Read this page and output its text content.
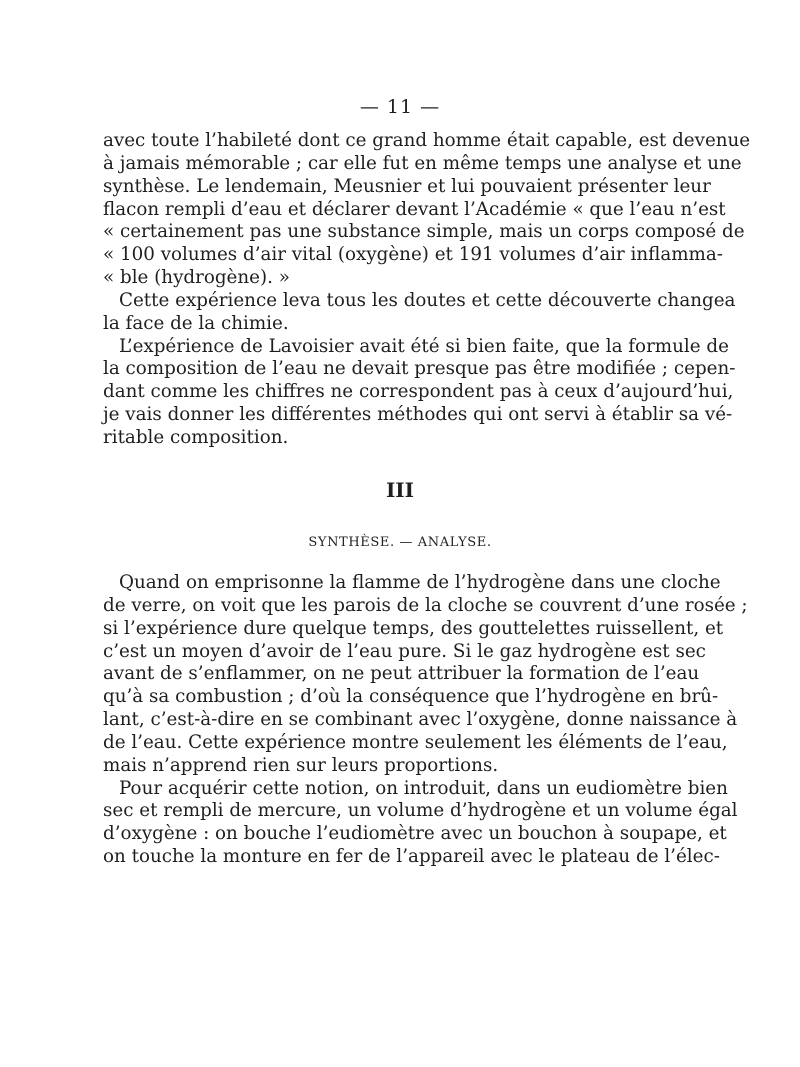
— 11 —
avec toute l’habileté dont ce grand homme était capable, est devenue
à jamais mémorable ; car elle fut en même temps une analyse et une
synthèse. Le lendemain, Meusnier et lui pouvaient présenter leur
flacon rempli d’eau et déclarer devant l’Académie « que l’eau n’est
« certainement pas une substance simple, mais un corps composé de
« 100 volumes d’air vital (oxygène) et 191 volumes d’air inflamma-
« ble (hydrogène). »
Cette expérience leva tous les doutes et cette découverte changea
la face de la chimie.
L’expérience de Lavoisier avait été si bien faite, que la formule de
la composition de l’eau ne devait presque pas être modifiée ; cepen-
dant comme les chiffres ne correspondent pas à ceux d’aujourd’hui,
je vais donner les différentes méthodes qui ont servi à établir sa vé-
ritable composition.
III
SYNTHÈSE. — ANALYSE.
Quand on emprisonne la flamme de l’hydrogène dans une cloche
de verre, on voit que les parois de la cloche se couvrent d’une rosée ;
si l’expérience dure quelque temps, des gouttelettes ruissellent, et
c’est un moyen d’avoir de l’eau pure. Si le gaz hydrogène est sec
avant de s’enflammer, on ne peut attribuer la formation de l’eau
qu’à sa combustion ; d’où la conséquence que l’hydrogène en brû-
lant, c’est-à-dire en se combinant avec l’oxygène, donne naissance à
de l’eau. Cette expérience montre seulement les éléments de l’eau,
mais n’apprend rien sur leurs proportions.
Pour acquérir cette notion, on introduit, dans un eudiomètre bien
sec et rempli de mercure, un volume d’hydrogène et un volume égal
d’oxygène : on bouche l’eudiomètre avec un bouchon à soupape, et
on touche la monture en fer de l’appareil avec le plateau de l’élec-
